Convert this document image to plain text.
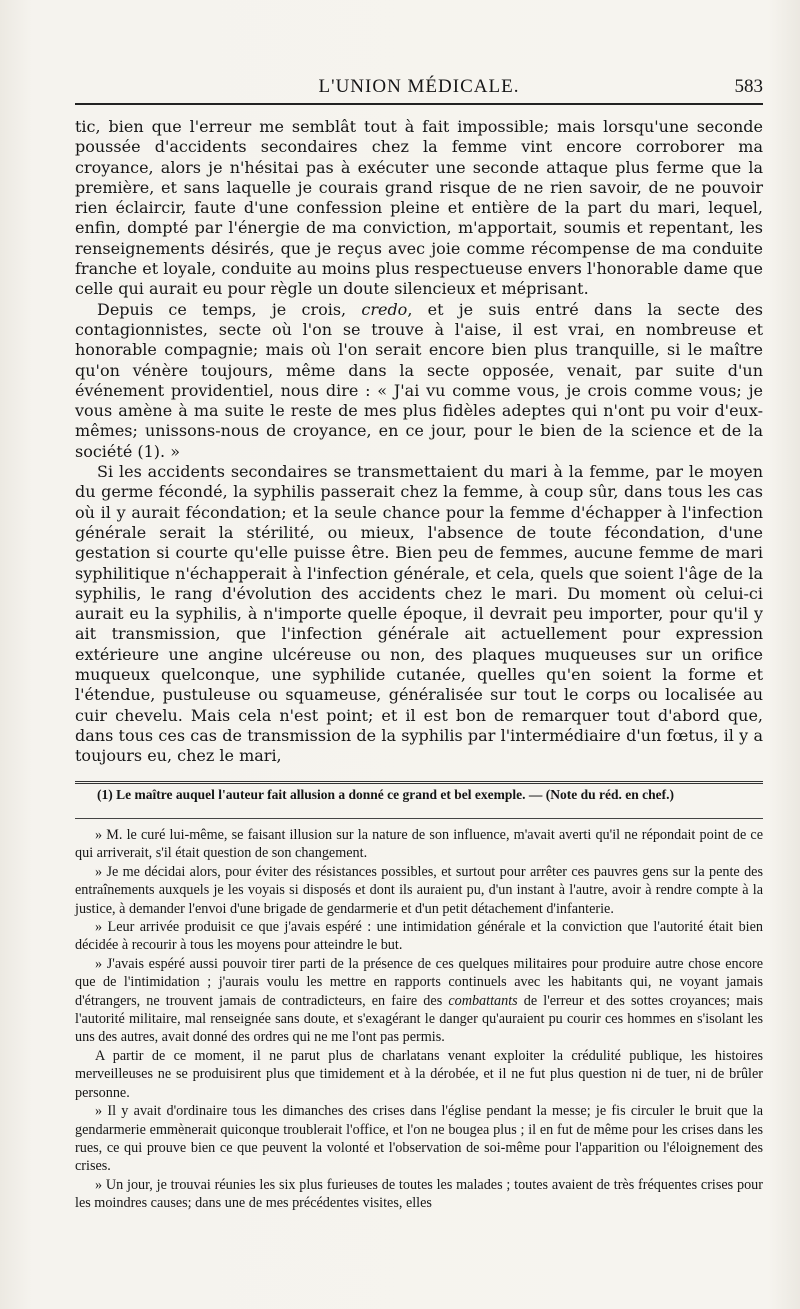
L'UNION MÉDICALE.	583

tic, bien que l'erreur me semblât tout à fait impossible; mais lorsqu'une seconde poussée d'accidents secondaires chez la femme vint encore corroborer ma croyance, alors je n'hésitai pas à exécuter une seconde attaque plus ferme que la première, et sans laquelle je courais grand risque de ne rien savoir, de ne pouvoir rien éclaircir, faute d'une confession pleine et entière de la part du mari, lequel, enfin, dompté par l'énergie de ma conviction, m'apportait, soumis et repentant, les renseignements désirés, que je reçus avec joie comme récompense de ma conduite franche et loyale, conduite au moins plus respectueuse envers l'honorable dame que celle qui aurait eu pour règle un doute silencieux et méprisant.

Depuis ce temps, je crois, credo, et je suis entré dans la secte des contagionnistes, secte où l'on se trouve à l'aise, il est vrai, en nombreuse et honorable compagnie; mais où l'on serait encore bien plus tranquille, si le maître qu'on vénère toujours, même dans la secte opposée, venait, par suite d'un événement providentiel, nous dire : « J'ai vu comme vous, je crois comme vous; je vous amène à ma suite le reste de mes plus fidèles adeptes qui n'ont pu voir d'eux-mêmes; unissons-nous de croyance, en ce jour, pour le bien de la science et de la société (1). »

Si les accidents secondaires se transmettaient du mari à la femme, par le moyen du germe fécondé, la syphilis passerait chez la femme, à coup sûr, dans tous les cas où il y aurait fécondation; et la seule chance pour la femme d'échapper à l'infection générale serait la stérilité, ou mieux, l'absence de toute fécondation, d'une gestation si courte qu'elle puisse être. Bien peu de femmes, aucune femme de mari syphilitique n'échapperait à l'infection générale, et cela, quels que soient l'âge de la syphilis, le rang d'évolution des accidents chez le mari. Du moment où celui-ci aurait eu la syphilis, à n'importe quelle époque, il devrait peu importer, pour qu'il y ait transmission, que l'infection générale ait actuellement pour expression extérieure une angine ulcéreuse ou non, des plaques muqueuses sur un orifice muqueux quelconque, une syphilide cutanée, quelles qu'en soient la forme et l'étendue, pustuleuse ou squameuse, généralisée sur tout le corps ou localisée au cuir chevelu. Mais cela n'est point; et il est bon de remarquer tout d'abord que, dans tous ces cas de transmission de la syphilis par l'intermédiaire d'un fœtus, il y a toujours eu, chez le mari,

(1) Le maître auquel l'auteur fait allusion a donné ce grand et bel exemple. — (Note du réd. en chef.)

» M. le curé lui-même, se faisant illusion sur la nature de son influence, m'avait averti qu'il ne répondait point de ce qui arriverait, s'il était question de son changement.

» Je me décidai alors, pour éviter des résistances possibles, et surtout pour arrêter ces pauvres gens sur la pente des entraînements auxquels je les voyais si disposés et dont ils auraient pu, d'un instant à l'autre, avoir à rendre compte à la justice, à demander l'envoi d'une brigade de gendarmerie et d'un petit détachement d'infanterie.

» Leur arrivée produisit ce que j'avais espéré : une intimidation générale et la conviction que l'autorité était bien décidée à recourir à tous les moyens pour atteindre le but.

» J'avais espéré aussi pouvoir tirer parti de la présence de ces quelques militaires pour produire autre chose encore que de l'intimidation ; j'aurais voulu les mettre en rapports continuels avec les habitants qui, ne voyant jamais d'étrangers, ne trouvent jamais de contradicteurs, en faire des combattants de l'erreur et des sottes croyances; mais l'autorité militaire, mal renseignée sans doute, et s'exagérant le danger qu'auraient pu courir ces hommes en s'isolant les uns des autres, avait donné des ordres qui ne me l'ont pas permis.

A partir de ce moment, il ne parut plus de charlatans venant exploiter la crédulité publique, les histoires merveilleuses ne se produisirent plus que timidement et à la dérobée, et il ne fut plus question ni de tuer, ni de brûler personne.

» Il y avait d'ordinaire tous les dimanches des crises dans l'église pendant la messe; je fis circuler le bruit que la gendarmerie emmènerait quiconque troublerait l'office, et l'on ne bougea plus ; il en fut de même pour les crises dans les rues, ce qui prouve bien ce que peuvent la volonté et l'observation de soi-même pour l'apparition ou l'éloignement des crises.

» Un jour, je trouvai réunies les six plus furieuses de toutes les malades ; toutes avaient de très fréquentes crises pour les moindres causes; dans une de mes précédentes visites, elles
